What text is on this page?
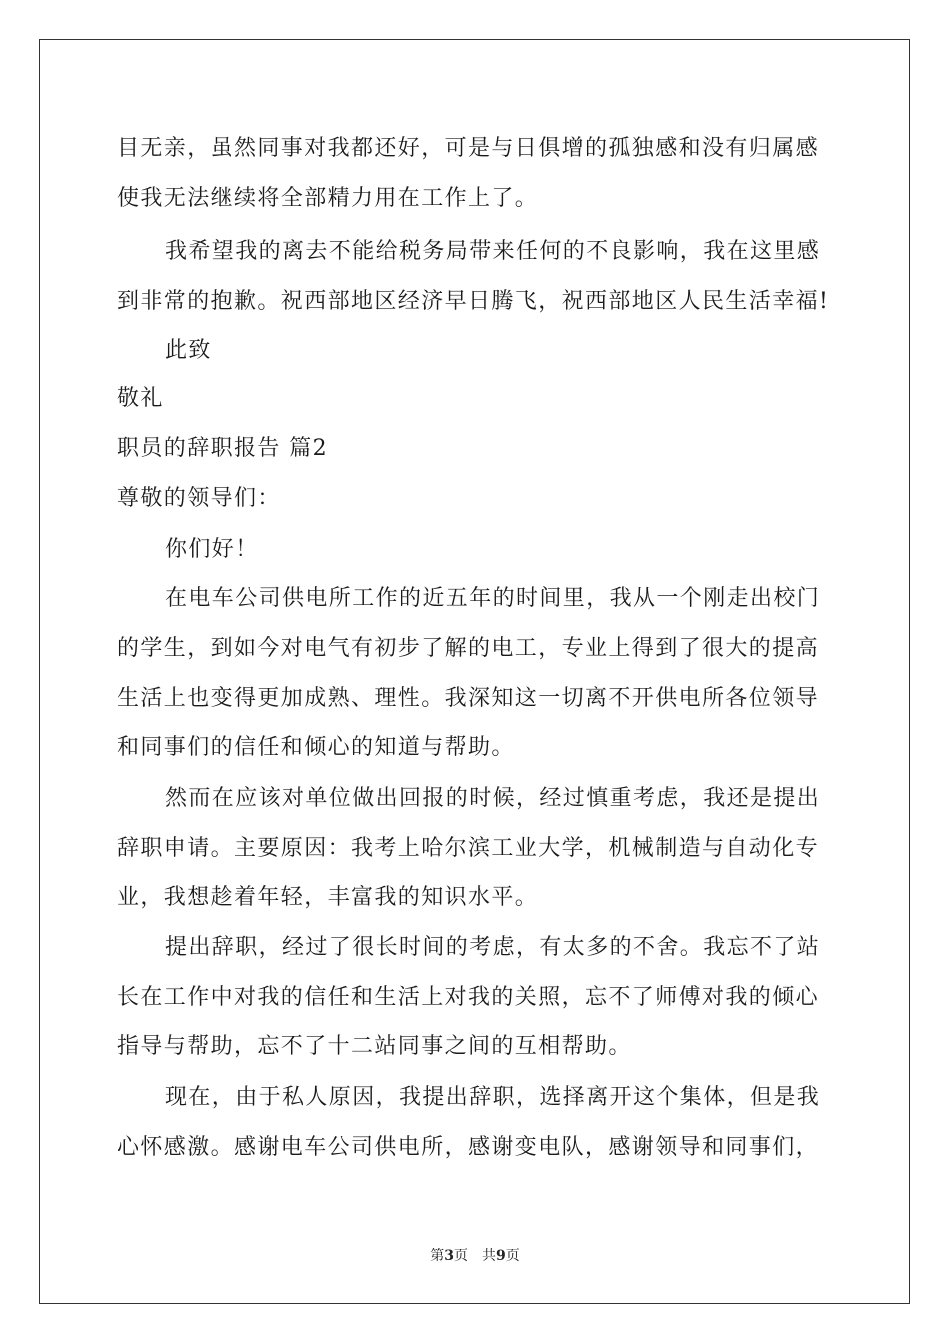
目无亲，虽然同事对我都还好，可是与日俱增的孤独感和没有归属感
使我无法继续将全部精力用在工作上了。
我希望我的离去不能给税务局带来任何的不良影响，我在这里感
到非常的抱歉。祝西部地区经济早日腾飞，祝西部地区人民生活幸福!
此致
敬礼
职员的辞职报告 篇2
尊敬的领导们：
你们好！
在电车公司供电所工作的近五年的时间里，我从一个刚走出校门
的学生，到如今对电气有初步了解的电工，专业上得到了很大的提高
生活上也变得更加成熟、理性。我深知这一切离不开供电所各位领导
和同事们的信任和倾心的知道与帮助。
然而在应该对单位做出回报的时候，经过慎重考虑，我还是提出
辞职申请。主要原因：我考上哈尔滨工业大学，机械制造与自动化专
业，我想趁着年轻，丰富我的知识水平。
提出辞职，经过了很长时间的考虑，有太多的不舍。我忘不了站
长在工作中对我的信任和生活上对我的关照，忘不了师傅对我的倾心
指导与帮助，忘不了十二站同事之间的互相帮助。
现在，由于私人原因，我提出辞职，选择离开这个集体，但是我
心怀感激。感谢电车公司供电所，感谢变电队，感谢领导和同事们，
第3页 共9页
